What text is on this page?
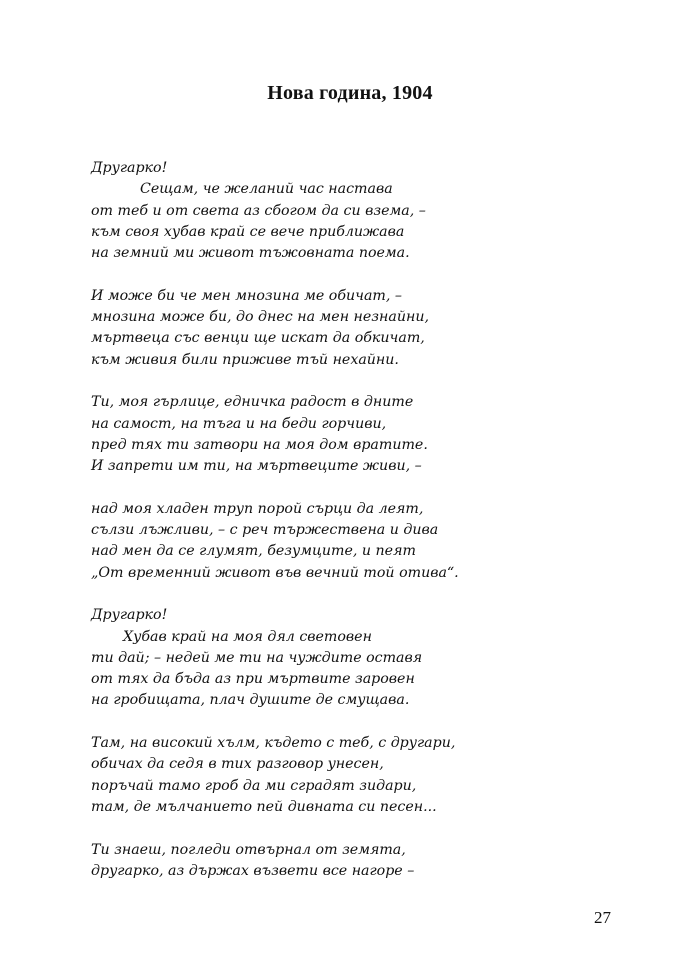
Нова година, 1904
Другарко!
Сещам, че желаний час настава
от теб и от света аз сбогом да си взема, –
към своя хубав край се вече приближава
на земний ми живот тъжовната поема.
И може би че мен мнозина ме обичат, –
мнозина може би, до днес на мен незнайни,
мъртвеца със венци ще искат да обкичат,
към живия били приживе тъй нехайни.
Ти, моя гърлице, едничка радост в дните
на самост, на тъга и на беди горчиви,
пред тях ти затвори на моя дом вратите.
И запрети им ти, на мъртвеците живи, –
над моя хладен труп порой сърци да леят,
сълзи лъжливи, – с реч тържествена и дива
над мен да се глумят, безумците, и пеят
„От временний живот във вечний той отива“.
Другарко!
Хубав край на моя дял световен
ти дай; – недей ме ти на чуждите оставя
от тях да бъда аз при мъртвите заровен
на гробищата, плач душите де смущава.
Там, на високий хълм, където с теб, с другари,
обичах да седя в тих разговор унесен,
поръчай тамо гроб да ми сградят зидари,
там, де мълчанието пей дивната си песен...
Ти знаеш, погледи отвърнал от земята,
другарко, аз държах възвети все нагоре –
27
